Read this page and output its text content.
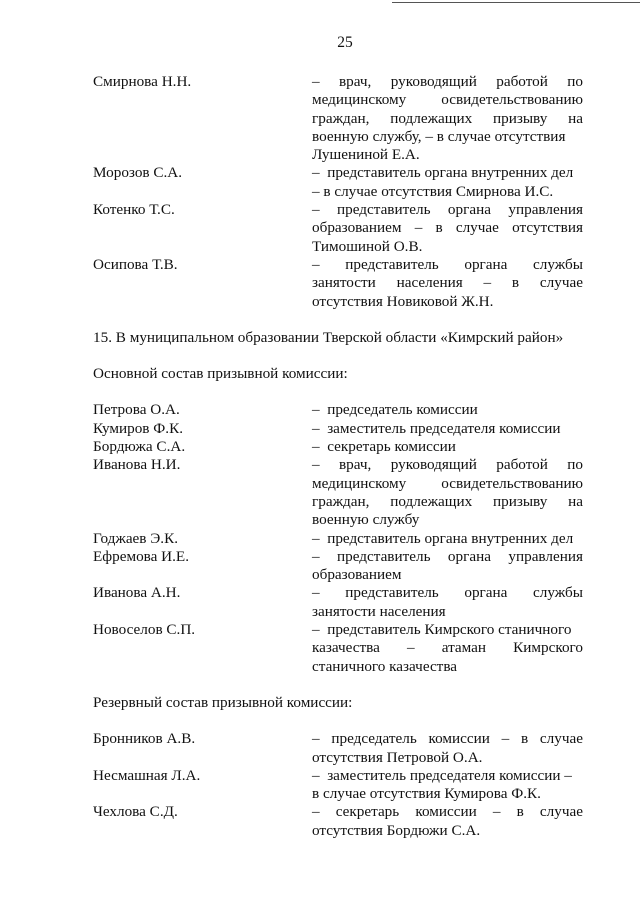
25
Смирнова Н.Н.	– врач, руководящий работой по
медицинскому освидетельствованию
граждан, подлежащих призыву на
военную службу, – в случае отсутствия
Лушениной Е.А.
Морозов С.А.	–  представитель органа внутренних дел
– в случае отсутствия Смирнова И.С.
Котенко Т.С.	– представитель органа управления
образованием – в случае отсутствия
Тимошиной О.В.
Осипова Т.В.	– представитель органа службы
занятости населения – в случае
отсутствия Новиковой Ж.Н.
15. В муниципальном образовании Тверской области «Кимрский район»
Основной состав призывной комиссии:
Петрова О.А.	–  председатель комиссии
Кумиров Ф.К.	–  заместитель председателя комиссии
Бордюжа С.А.	–  секретарь комиссии
Иванова Н.И.	– врач, руководящий работой по
медицинскому освидетельствованию
граждан, подлежащих призыву на
военную службу
Годжаев Э.К.	–  представитель органа внутренних дел
Ефремова И.Е.	– представитель органа управления
образованием
Иванова А.Н.	– представитель органа службы
занятости населения
Новоселов С.П.	–  представитель Кимрского станичного
казачества – атаман Кимрского
станичного казачества
Резервный состав призывной комиссии:
Бронников А.В.	– председатель комиссии – в случае
отсутствия Петровой О.А.
Несмашная Л.А.	–  заместитель председателя комиссии –
в случае отсутствия Кумирова Ф.К.
Чехлова С.Д.	– секретарь комиссии – в случае
отсутствия Бордюжи С.А.
